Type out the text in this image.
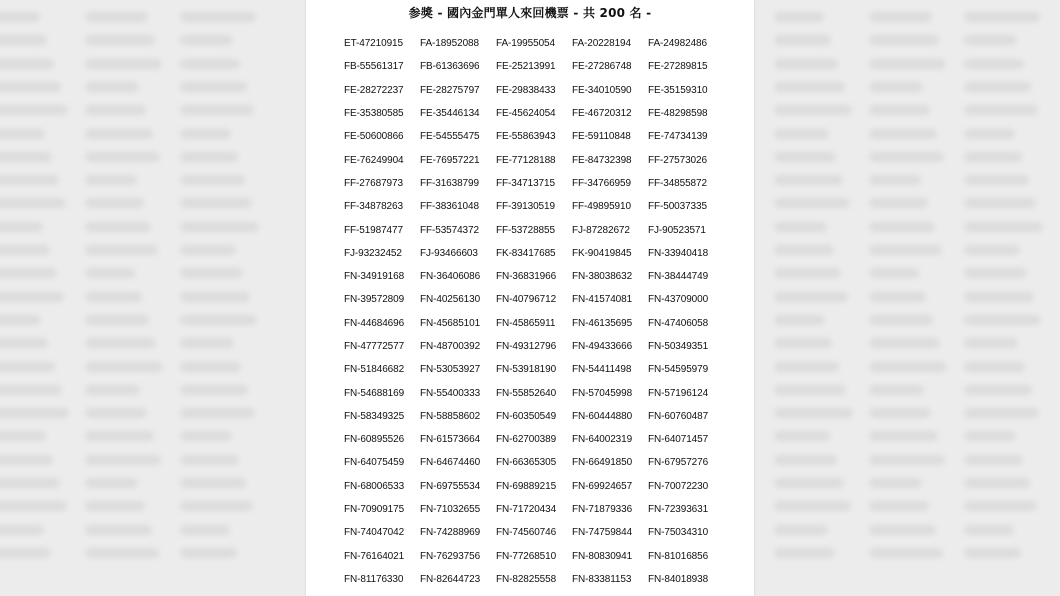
参獎 - 國內金門單人來回機票 - 共 200 名 -
ET-47210915	FA-18952088	FA-19955054	FA-20228194	FA-24982486
FB-55561317	FB-61363696	FE-25213991	FE-27286748	FE-27289815
FE-28272237	FE-28275797	FE-29838433	FE-34010590	FE-35159310
FE-35380585	FE-35446134	FE-45624054	FE-46720312	FE-48298598
FE-50600866	FE-54555475	FE-55863943	FE-59110848	FE-74734139
FE-76249904	FE-76957221	FE-77128188	FE-84732398	FF-27573026
FF-27687973	FF-31638799	FF-34713715	FF-34766959	FF-34855872
FF-34878263	FF-38361048	FF-39130519	FF-49895910	FF-50037335
FF-51987477	FF-53574372	FF-53728855	FJ-87282672	FJ-90523571
FJ-93232452	FJ-93466603	FK-83417685	FK-90419845	FN-33940418
FN-34919168	FN-36406086	FN-36831966	FN-38038632	FN-38444749
FN-39572809	FN-40256130	FN-40796712	FN-41574081	FN-43709000
FN-44684696	FN-45685101	FN-45865911	FN-46135695	FN-47406058
FN-47772577	FN-48700392	FN-49312796	FN-49433666	FN-50349351
FN-51846682	FN-53053927	FN-53918190	FN-54411498	FN-54595979
FN-54688169	FN-55400333	FN-55852640	FN-57045998	FN-57196124
FN-58349325	FN-58858602	FN-60350549	FN-60444880	FN-60760487
FN-60895526	FN-61573664	FN-62700389	FN-64002319	FN-64071457
FN-64075459	FN-64674460	FN-66365305	FN-66491850	FN-67957276
FN-68006533	FN-69755534	FN-69889215	FN-69924657	FN-70072230
FN-70909175	FN-71032655	FN-71720434	FN-71879336	FN-72393631
FN-74047042	FN-74288969	FN-74560746	FN-74759844	FN-75034310
FN-76164021	FN-76293756	FN-77268510	FN-80830941	FN-81016856
FN-81176330	FN-82644723	FN-82825558	FN-83381153	FN-84018938
